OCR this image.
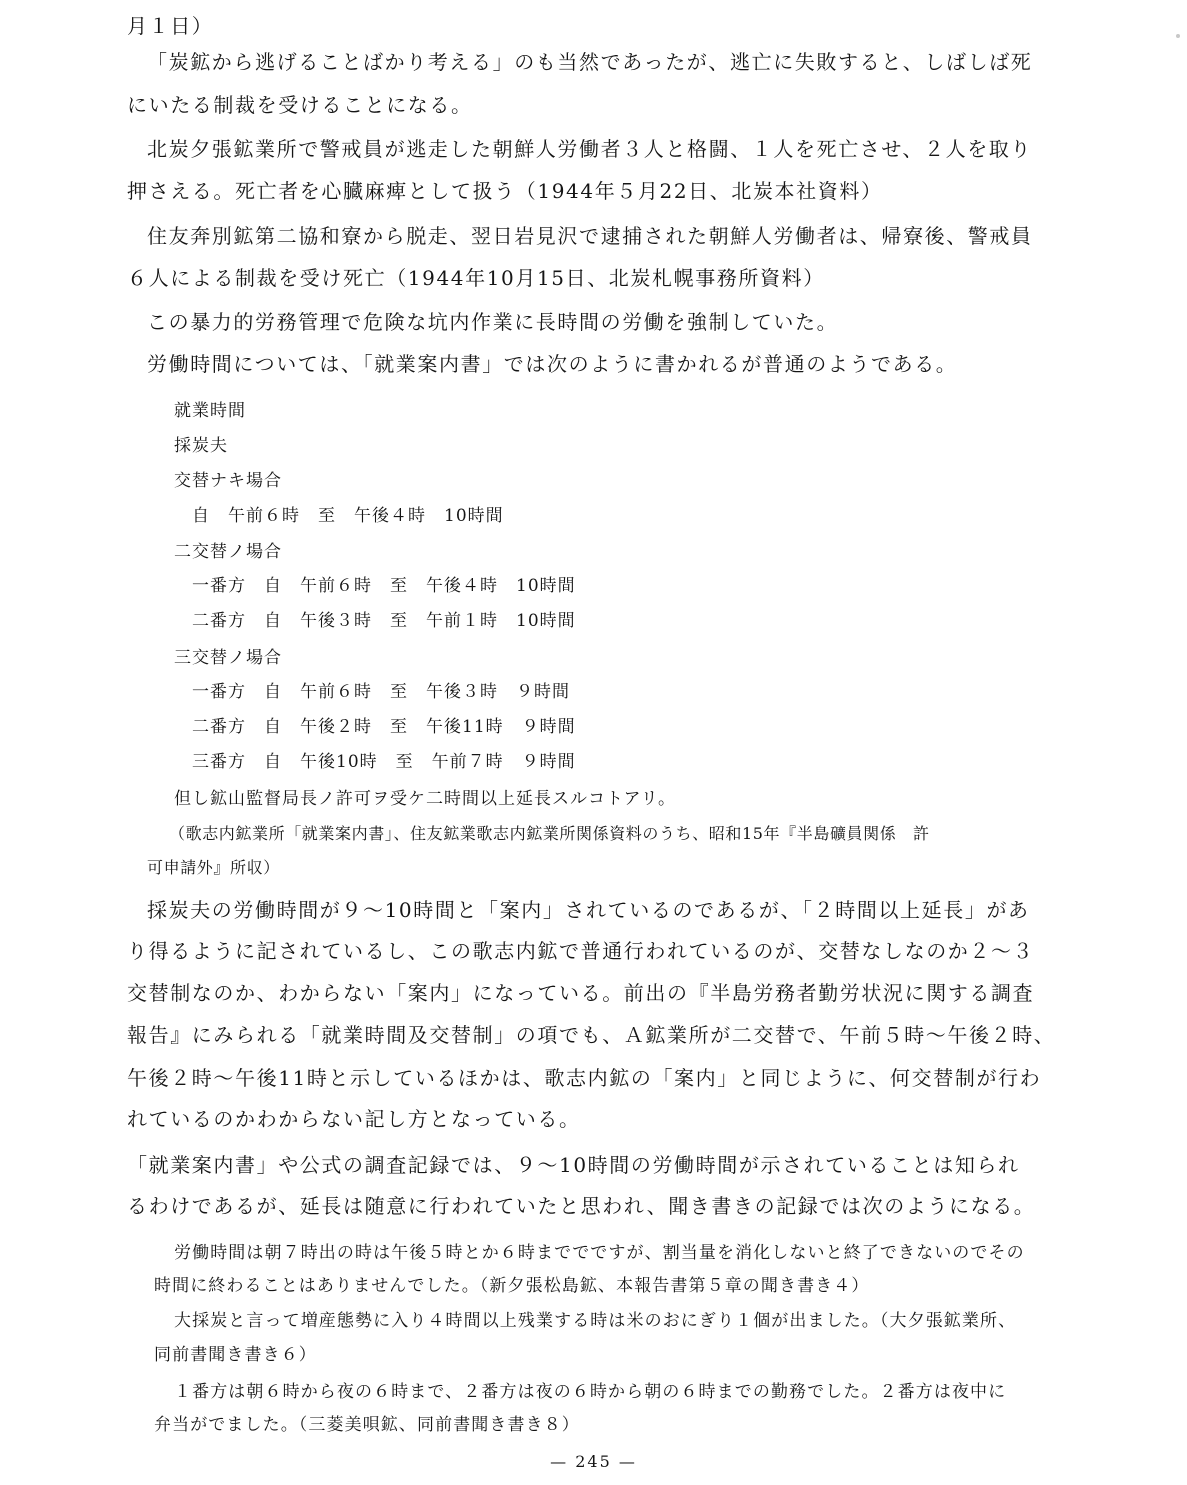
月１日）
「炭鉱から逃げることばかり考える」のも当然であったが、逃亡に失敗すると、しばしば死
にいたる制裁を受けることになる。
北炭夕張鉱業所で警戒員が逃走した朝鮮人労働者３人と格闘、１人を死亡させ、２人を取り
押さえる。死亡者を心臓麻痺として扱う（1944年５月22日、北炭本社資料）
住友奔別鉱第二協和寮から脱走、翌日岩見沢で逮捕された朝鮮人労働者は、帰寮後、警戒員
６人による制裁を受け死亡（1944年10月15日、北炭札幌事務所資料）
この暴力的労務管理で危険な坑内作業に長時間の労働を強制していた。
労働時間については、「就業案内書」では次のように書かれるが普通のようである。
就業時間
採炭夫
交替ナキ場合
自　午前６時　至　午後４時　10時間
二交替ノ場合
一番方　自　午前６時　至　午後４時　10時間
二番方　自　午後３時　至　午前１時　10時間
三交替ノ場合
一番方　自　午前６時　至　午後３時　９時間
二番方　自　午後２時　至　午後11時　９時間
三番方　自　午後10時　至　午前７時　９時間
但し鉱山監督局長ノ許可ヲ受ケ二時間以上延長スルコトアリ。
（歌志内鉱業所「就業案内書」、住友鉱業歌志内鉱業所関係資料のうち、昭和15年『半島礦員関係　許
可申請外』所収）
採炭夫の労働時間が９～10時間と「案内」されているのであるが、「２時間以上延長」があ
り得るように記されているし、この歌志内鉱で普通行われているのが、交替なしなのか２～３
交替制なのか、わからない「案内」になっている。前出の『半島労務者勤労状況に関する調査
報告』にみられる「就業時間及交替制」の項でも、Ａ鉱業所が二交替で、午前５時～午後２時、
午後２時～午後11時と示しているほかは、歌志内鉱の「案内」と同じように、何交替制が行わ
れているのかわからない記し方となっている。
「就業案内書」や公式の調査記録では、９～10時間の労働時間が示されていることは知られ
るわけであるが、延長は随意に行われていたと思われ、聞き書きの記録では次のようになる。
労働時間は朝７時出の時は午後５時とか６時まででですが、割当量を消化しないと終了できないのでその
時間に終わることはありませんでした。（新夕張松島鉱、本報告書第５章の聞き書き４）
大採炭と言って増産態勢に入り４時間以上残業する時は米のおにぎり１個が出ました。（大夕張鉱業所、
同前書聞き書き６）
１番方は朝６時から夜の６時まで、２番方は夜の６時から朝の６時までの勤務でした。２番方は夜中に
弁当がでました。（三菱美唄鉱、同前書聞き書き８）
— 245 —
